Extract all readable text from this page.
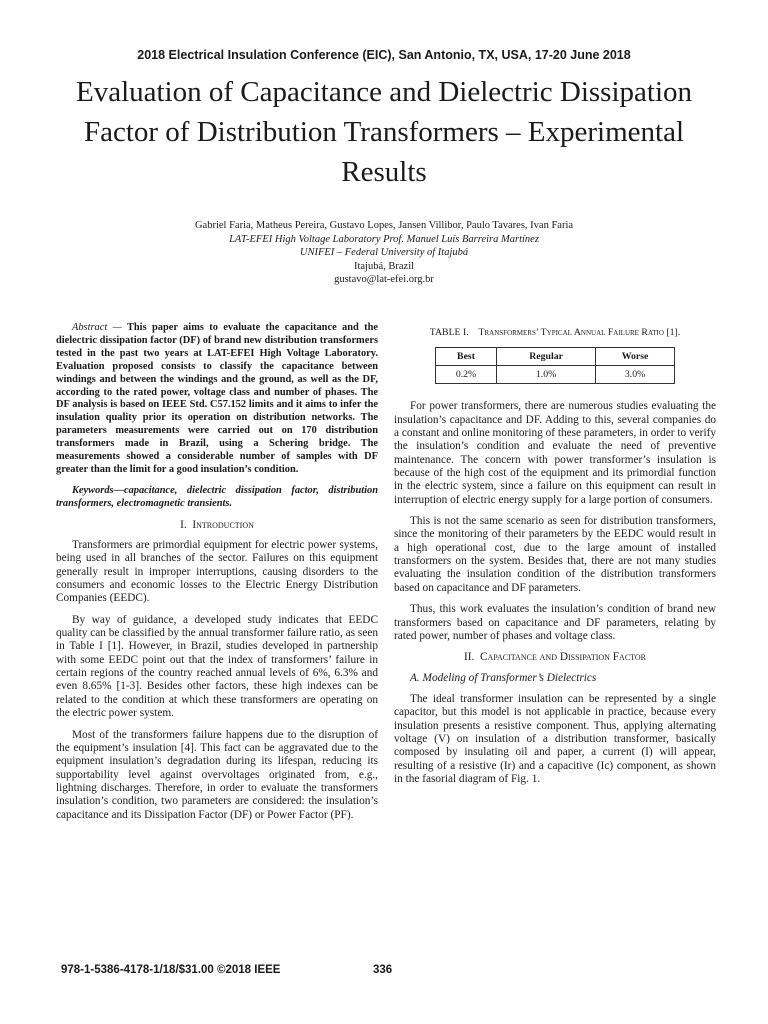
2018 Electrical Insulation Conference (EIC), San Antonio, TX, USA, 17-20 June 2018
Evaluation of Capacitance and Dielectric Dissipation Factor of Distribution Transformers – Experimental Results
Gabriel Faria, Matheus Pereira, Gustavo Lopes, Jansen Villibor, Paulo Tavares, Ivan Faria
LAT-EFEI High Voltage Laboratory Prof. Manuel Luís Barreira Martínez
UNIFEI – Federal University of Itajubá
Itajubá, Brazil
gustavo@lat-efei.org.br

Abstract — This paper aims to evaluate the capacitance and the dielectric dissipation factor (DF) of brand new distribution transformers tested in the past two years at LAT-EFEI High Voltage Laboratory. Evaluation proposed consists to classify the capacitance between windings and between the windings and the ground, as well as the DF, according to the rated power, voltage class and number of phases. The DF analysis is based on IEEE Std. C57.152 limits and it aims to infer the insulation quality prior its operation on distribution networks. The parameters measurements were carried out on 170 distribution transformers made in Brazil, using a Schering bridge. The measurements showed a considerable number of samples with DF greater than the limit for a good insulation’s condition.

Keywords—capacitance, dielectric dissipation factor, distribution transformers, electromagnetic transients.

I. Introduction

Transformers are primordial equipment for electric power systems, being used in all branches of the sector. Failures on this equipment generally result in improper interruptions, causing disorders to the consumers and economic losses to the Electric Energy Distribution Companies (EEDC).

By way of guidance, a developed study indicates that EEDC quality can be classified by the annual transformer failure ratio, as seen in Table I [1]. However, in Brazil, studies developed in partnership with some EEDC point out that the index of transformers’ failure in certain regions of the country reached annual levels of 6%, 6.3% and even 8.65% [1-3]. Besides other factors, these high indexes can be related to the condition at which these transformers are operating on the electric power system.

Most of the transformers failure happens due to the disruption of the equipment’s insulation [4]. This fact can be aggravated due to the equipment insulation’s degradation during its lifespan, reducing its supportability level against overvoltages originated from, e.g., lightning discharges. Therefore, in order to evaluate the transformers insulation’s condition, two parameters are considered: the insulation’s capacitance and its Dissipation Factor (DF) or Power Factor (PF).

TABLE I. Transformers’ Typical Annual Failure Ratio [1].
Best	Regular	Worse
0.2%	1.0%	3.0%

For power transformers, there are numerous studies evaluating the insulation’s capacitance and DF. Adding to this, several companies do a constant and online monitoring of these parameters, in order to verify the insulation’s condition and evaluate the need of preventive maintenance. The concern with power transformer’s insulation is because of the high cost of the equipment and its primordial function in the electric system, since a failure on this equipment can result in interruption of electric energy supply for a large portion of consumers.

This is not the same scenario as seen for distribution transformers, since the monitoring of their parameters by the EEDC would result in a high operational cost, due to the large amount of installed transformers on the system. Besides that, there are not many studies evaluating the insulation condition of the distribution transformers based on capacitance and DF parameters.

Thus, this work evaluates the insulation’s condition of brand new transformers based on capacitance and DF parameters, relating by rated power, number of phases and voltage class.

II. Capacitance and Dissipation Factor

A. Modeling of Transformer’s Dielectrics

The ideal transformer insulation can be represented by a single capacitor, but this model is not applicable in practice, because every insulation presents a resistive component. Thus, applying alternating voltage (V) on insulation of a distribution transformer, basically composed by insulating oil and paper, a current (I) will appear, resulting of a resistive (Ir) and a capacitive (Ic) component, as shown in the fasorial diagram of Fig. 1.

978-1-5386-4178-1/18/$31.00 ©2018 IEEE	336
